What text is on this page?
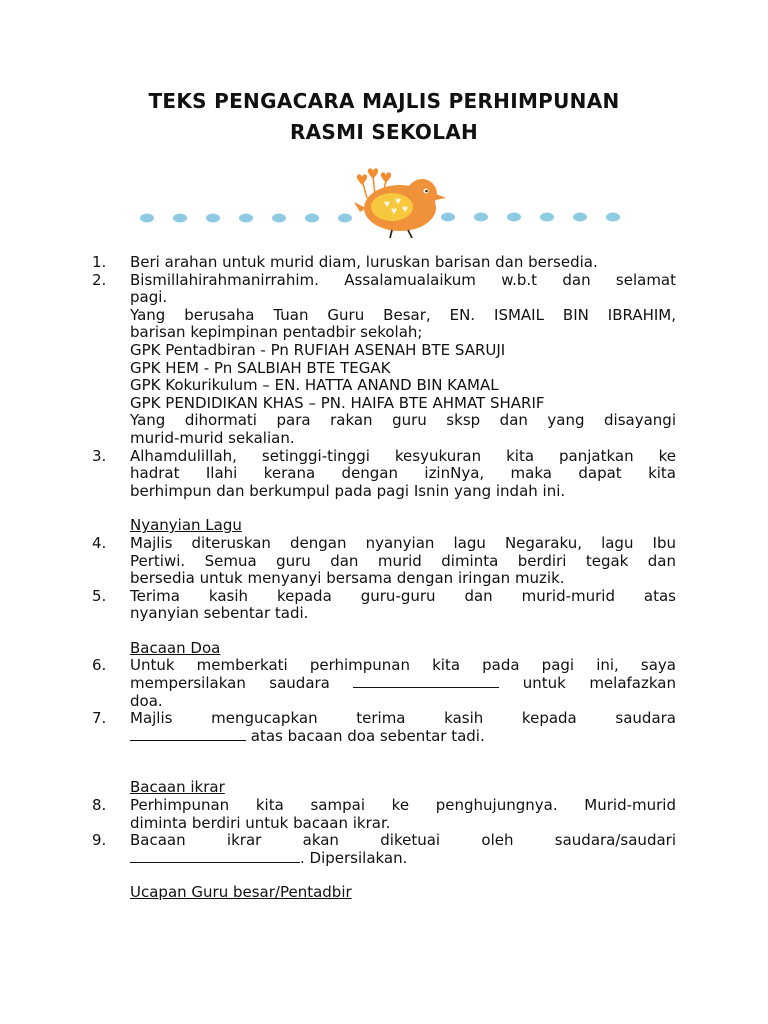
TEKS PENGACARA MAJLIS PERHIMPUNAN
RASMI SEKOLAH
1.	Beri arahan untuk murid diam, luruskan barisan dan bersedia.
2.	Bismillahirahmanirrahim. Assalamualaikum w.b.t dan selamat
pagi.
Yang berusaha Tuan Guru Besar, EN. ISMAIL BIN IBRAHIM,
barisan kepimpinan pentadbir sekolah;
GPK Pentadbiran - Pn RUFIAH ASENAH BTE SARUJI
GPK HEM - Pn SALBIAH BTE TEGAK
GPK Kokurikulum – EN. HATTA ANAND BIN KAMAL
GPK PENDIDIKAN KHAS – PN. HAIFA BTE AHMAT SHARIF
Yang dihormati para rakan guru sksp dan yang disayangi
murid-murid sekalian.
3.	Alhamdulillah, setinggi-tinggi kesyukuran kita panjatkan ke
hadrat Ilahi kerana dengan izinNya, maka dapat kita
berhimpun dan berkumpul pada pagi Isnin yang indah ini.
Nyanyian Lagu
4.	Majlis diteruskan dengan nyanyian lagu Negaraku, lagu Ibu
Pertiwi. Semua guru dan murid diminta berdiri tegak dan
bersedia untuk menyanyi bersama dengan iringan muzik.
5.	Terima kasih kepada guru-guru dan murid-murid atas
nyanyian sebentar tadi.
Bacaan Doa
6.	Untuk memberkati perhimpunan kita pada pagi ini, saya
mempersilakan saudara	untuk melafazkan
doa.
7.	Majlis mengucapkan terima kasih kepada saudara
atas bacaan doa sebentar tadi.
Bacaan ikrar
8.	Perhimpunan kita sampai ke penghujungnya. Murid-murid
diminta berdiri untuk bacaan ikrar.
9.	Bacaan ikrar akan diketuai oleh saudara/saudari
. Dipersilakan.
Ucapan Guru besar/Pentadbir
